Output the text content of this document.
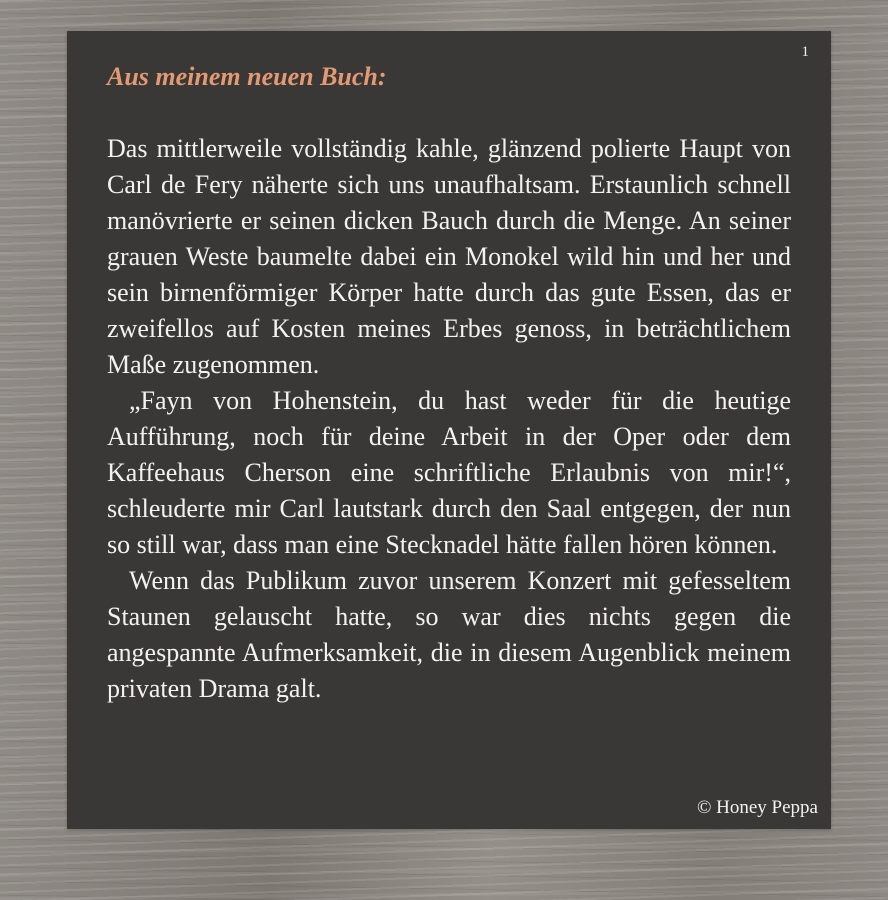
1
Aus meinem neuen Buch:

Das mittlerweile vollständig kahle, glänzend polierte Haupt von Carl de Fery näherte sich uns unaufhaltsam. Erstaunlich schnell manövrierte er seinen dicken Bauch durch die Menge. An seiner grauen Weste baumelte dabei ein Monokel wild hin und her und sein birnenförmiger Körper hatte durch das gute Essen, das er zweifellos auf Kosten meines Erbes genoss, in beträchtlichem Maße zugenommen.

„Fayn von Hohenstein, du hast weder für die heutige Aufführung, noch für deine Arbeit in der Oper oder dem Kaffeehaus Cherson eine schriftliche Erlaubnis von mir!“, schleuderte mir Carl lautstark durch den Saal entgegen, der nun so still war, dass man eine Stecknadel hätte fallen hören können.

Wenn das Publikum zuvor unserem Konzert mit gefesseltem Staunen gelauscht hatte, so war dies nichts gegen die angespannte Aufmerksamkeit, die in diesem Augenblick meinem privaten Drama galt.

© Honey Peppa
